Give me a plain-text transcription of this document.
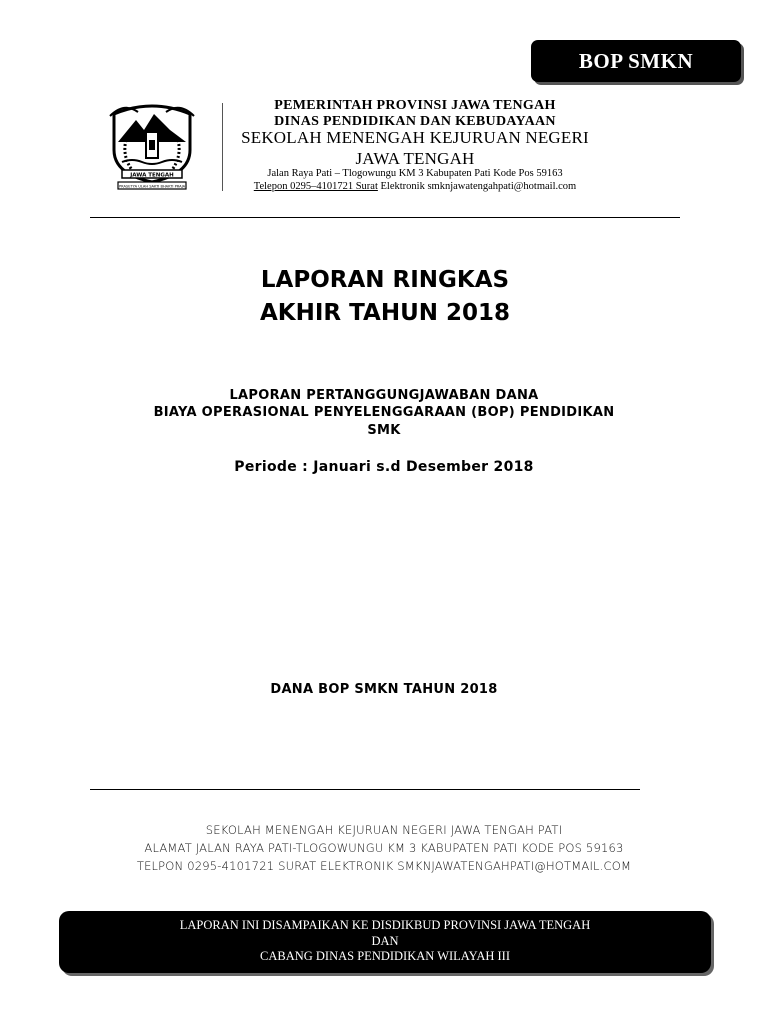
BOP SMKN
JAWA TENGAH
PRASETYA ULAH SAKTI BHAKTI PRAJA
PEMERINTAH PROVINSI JAWA TENGAH
DINAS PENDIDIKAN DAN KEBUDAYAAN
SEKOLAH MENENGAH KEJURUAN NEGERI
JAWA TENGAH
Jalan Raya Pati – Tlogowungu KM 3 Kabupaten Pati Kode Pos 59163
Telepon 0295–4101721 Surat Elektronik smknjawatengahpati@hotmail.com
LAPORAN RINGKAS
AKHIR TAHUN 2018
LAPORAN PERTANGGUNGJAWABAN DANA
BIAYA OPERASIONAL PENYELENGGARAAN (BOP) PENDIDIKAN
SMK
Periode : Januari s.d Desember 2018
DANA BOP SMKN TAHUN 2018
SEKOLAH MENENGAH KEJURUAN NEGERI JAWA TENGAH PATI
ALAMAT JALAN RAYA PATI-TLOGOWUNGU KM 3 KABUPATEN PATI KODE POS 59163
TELPON 0295-4101721 SURAT ELEKTRONIK SMKNJAWATENGAHPATI@HOTMAIL.COM
LAPORAN INI DISAMPAIKAN KE DISDIKBUD PROVINSI JAWA TENGAH
DAN
CABANG DINAS PENDIDIKAN WILAYAH III
